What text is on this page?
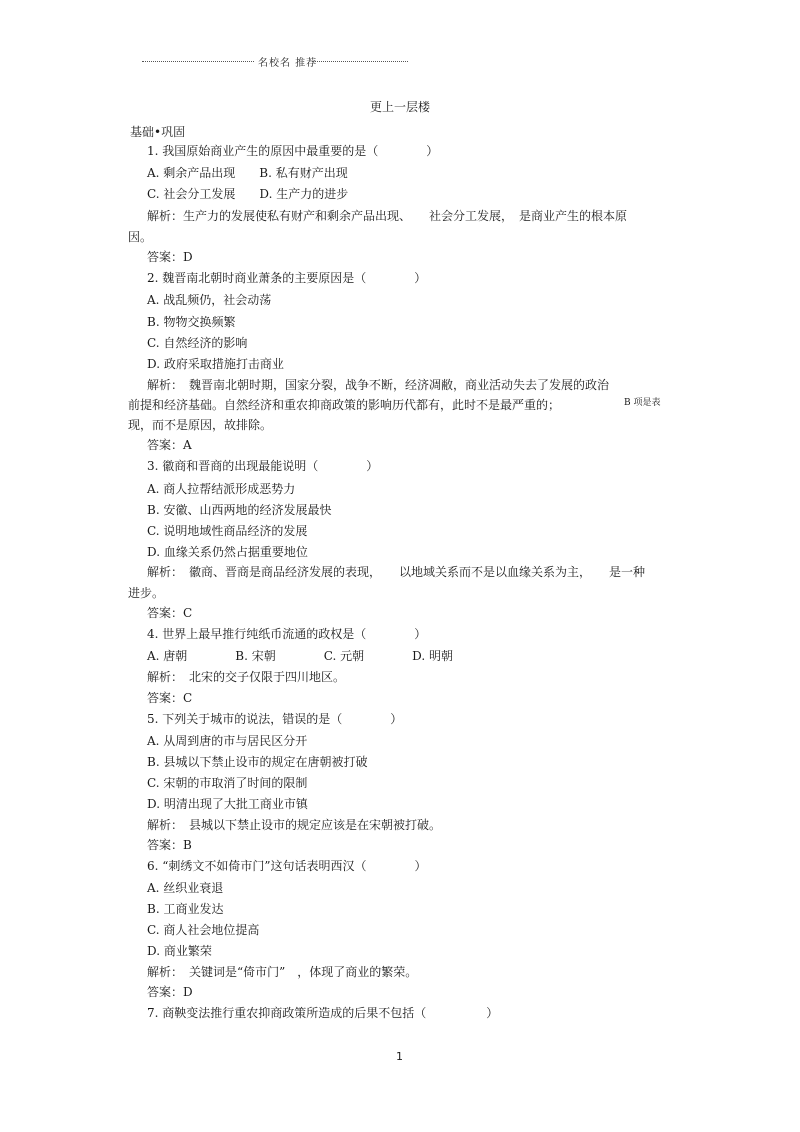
名校名 推荐
更上一层楼
基础•巩固
1. 我国原始商业产生的原因中最重要的是（　　　　）
A. 剩余产品出现　　B. 私有财产出现
C. 社会分工发展　　D. 生产力的进步
解析：生产力的发展使私有财产和剩余产品出现、　　社会分工发展，　是商业产生的根本原
因。
答案：D
2. 魏晋南北朝时商业萧条的主要原因是（　　　　）
A. 战乱频仍，社会动荡
B. 物物交换频繁
C. 自然经济的影响
D. 政府采取措施打击商业
解析：　魏晋南北朝时期，国家分裂，战争不断，经济凋敝，商业活动失去了发展的政治
前提和经济基础。自然经济和重农抑商政策的影响历代都有，此时不是最严重的；	B 项是表
现，而不是原因，故排除。
答案：A
3. 徽商和晋商的出现最能说明（　　　　）
A. 商人拉帮结派形成恶势力
B. 安徽、山西两地的经济发展最快
C. 说明地域性商品经济的发展
D. 血缘关系仍然占据重要地位
解析：　徽商、晋商是商品经济发展的表现，　　以地域关系而不是以血缘关系为主，　　是一种
进步。
答案：C
4. 世界上最早推行纯纸币流通的政权是（　　　　）
A. 唐朝　　　　B. 宋朝　　　　C. 元朝　　　　D. 明朝
解析：　北宋的交子仅限于四川地区。
答案：C
5. 下列关于城市的说法，错误的是（　　　　）
A. 从周到唐的市与居民区分开
B. 县城以下禁止设市的规定在唐朝被打破
C. 宋朝的市取消了时间的限制
D. 明清出现了大批工商业市镇
解析：　县城以下禁止设市的规定应该是在宋朝被打破。
答案：B
6. “刺绣文不如倚市门”这句话表明西汉（　　　　）
A. 丝织业衰退
B. 工商业发达
C. 商人社会地位提高
D. 商业繁荣
解析：　关键词是“倚市门”　，体现了商业的繁荣。
答案：D
7. 商鞅变法推行重农抑商政策所造成的后果不包括（　　　　　）
1
